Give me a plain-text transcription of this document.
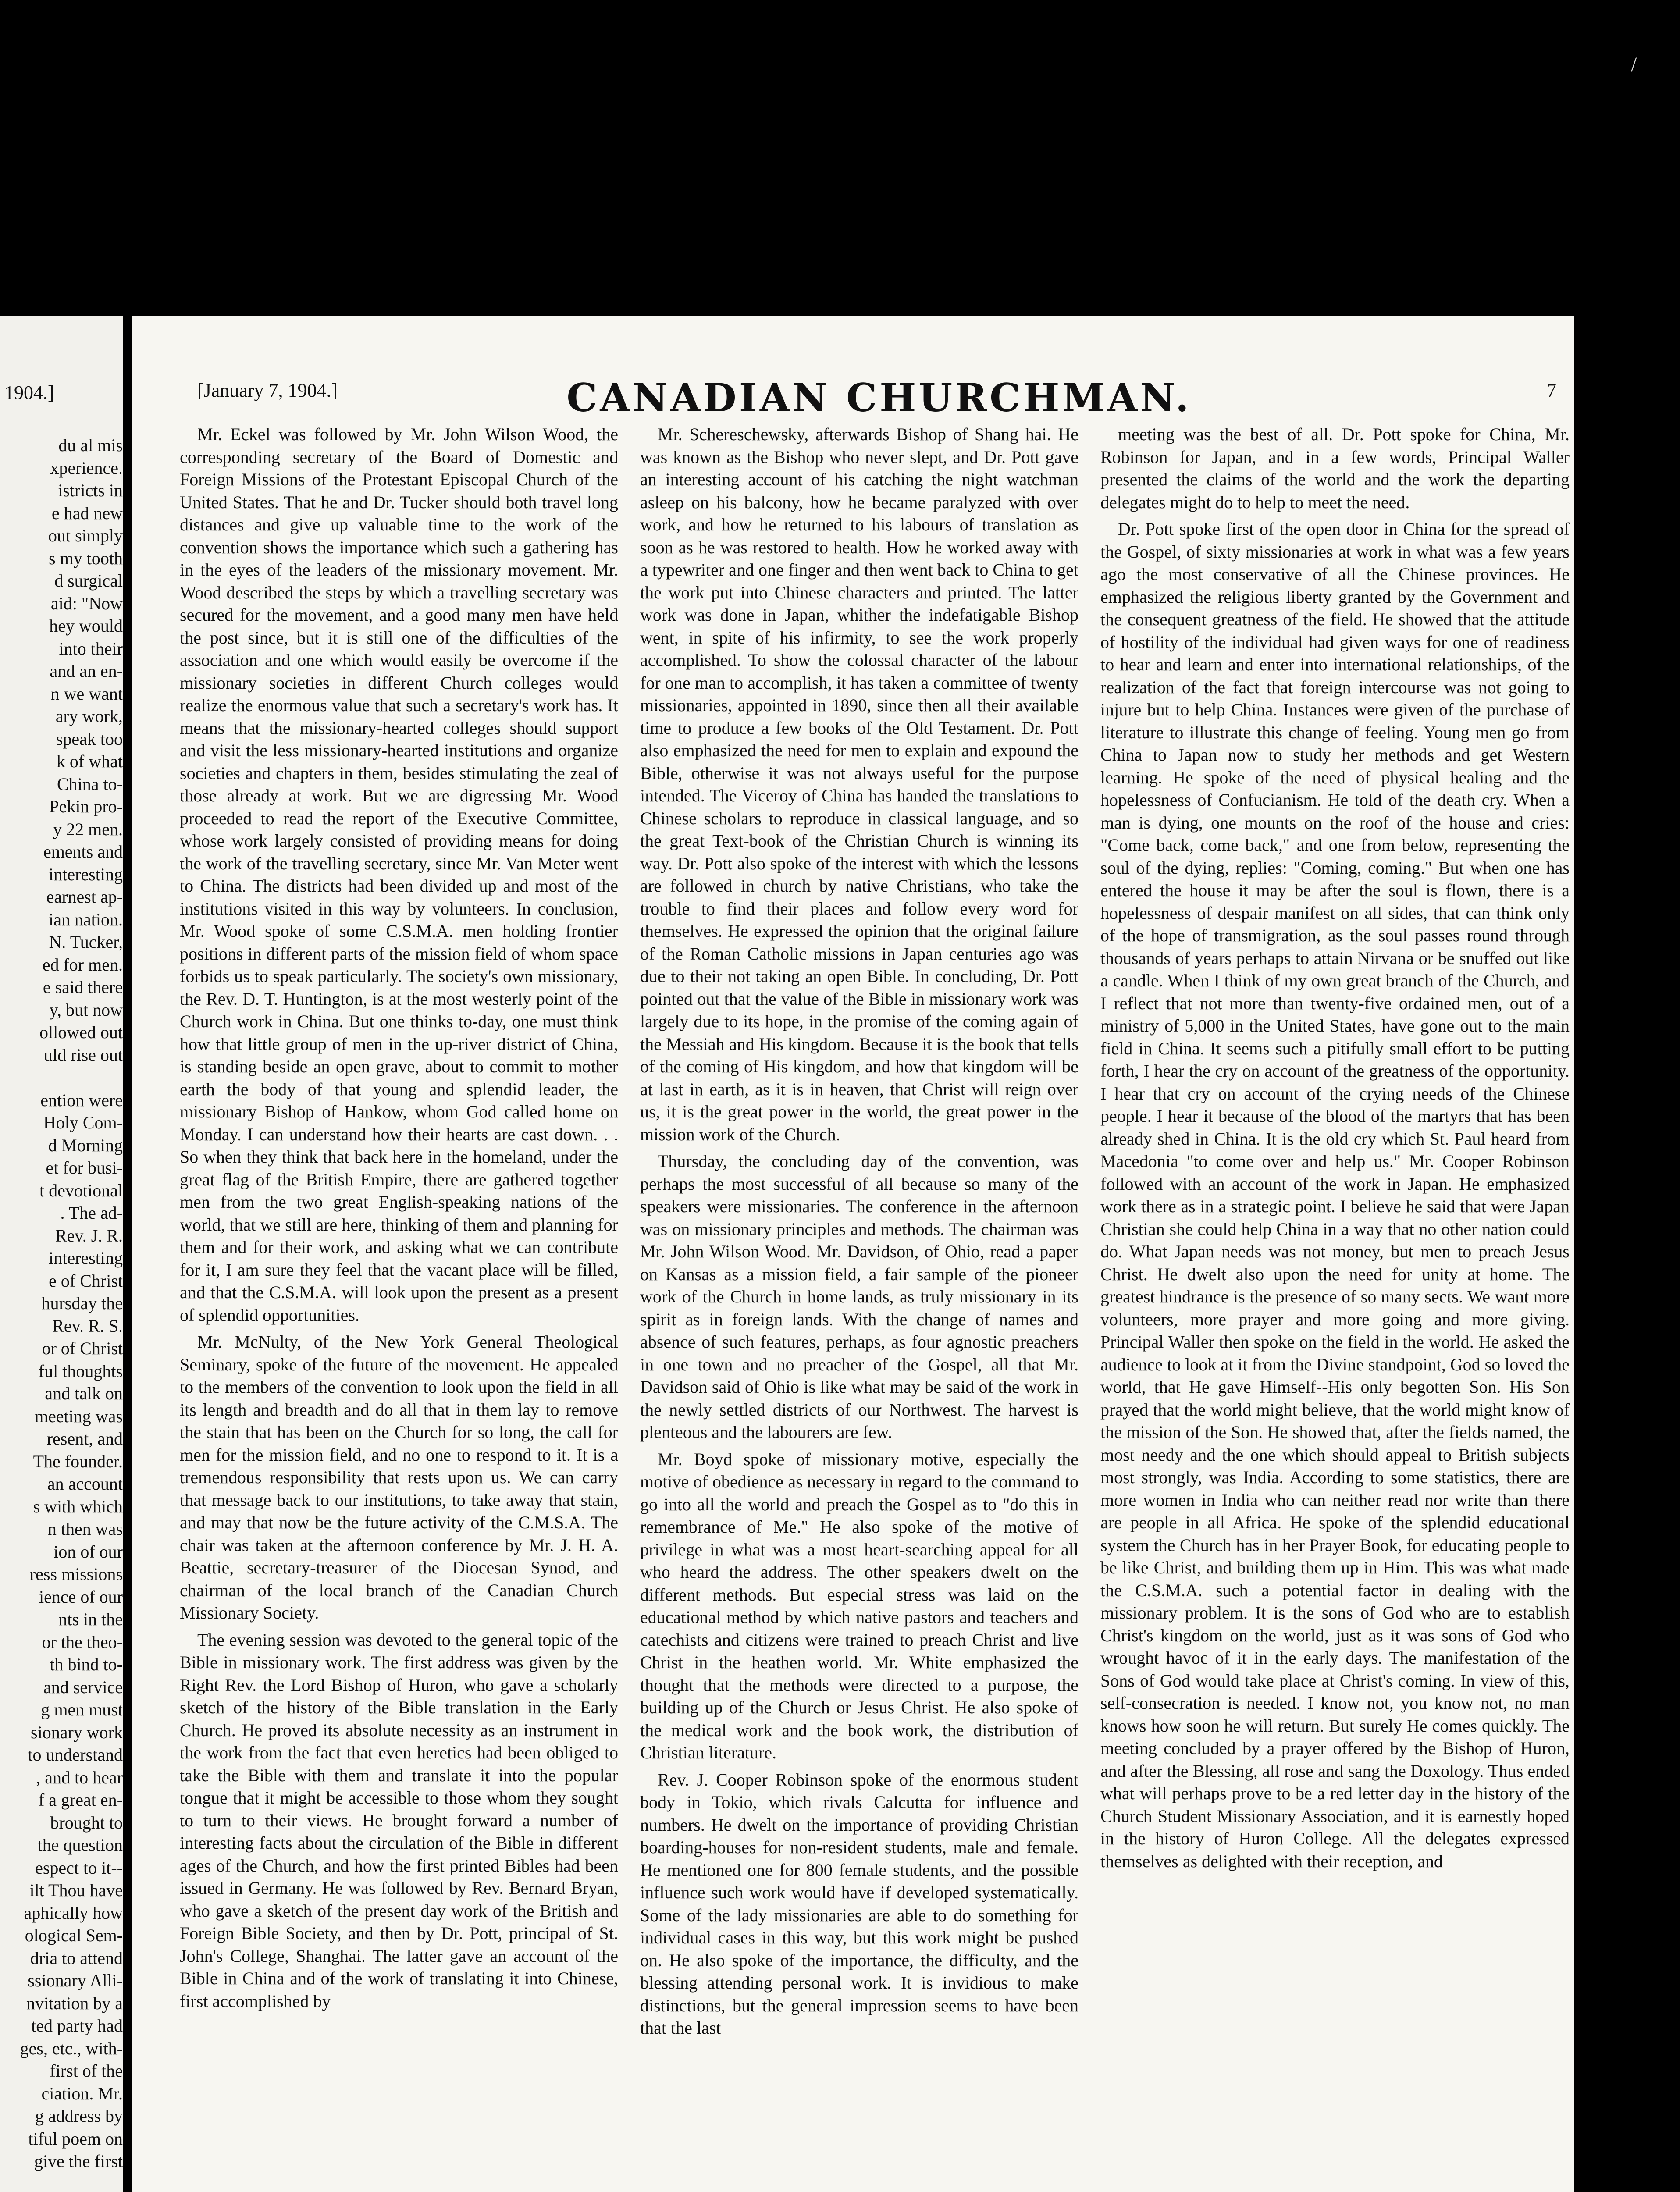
1904.]
du al mis
xperience.
istricts in
e had new
out simply
s my tooth
d surgical
aid: "Now
hey would
into their
and an en-
n we want
ary work,
speak too
k of what
China to-
Pekin pro-
y 22 men.
ements and
interesting
earnest ap-
ian nation.
N. Tucker,
ed for men.
e said there
y, but now
ollowed out
uld rise out
ention were
Holy Com-
d Morning
et for busi-
t devotional
. The ad-
Rev. J. R.
interesting
e of Christ
hursday the
Rev. R. S.
or of Christ
ful thoughts
and talk on
meeting was
resent, and
The founder.
an account
s with which
n then was
ion of our
ress missions
ience of our
nts in the
or the theo-
th bind to-
and service
g men must
sionary work
to understand
, and to hear
f a great en-
brought to
the question
espect to it--
ilt Thou have
aphically how
ological Sem-
dria to attend
ssionary Alli-
nvitation by a
ted party had
ges, etc., with-
first of the
ciation. Mr.
g address by
tiful poem on
give the first
[January 7, 1904.]	CANADIAN CHURCHMAN.	7

Mr. Eckel was followed by Mr. John Wilson Wood, the corresponding secretary of the Board of Domestic and Foreign Missions of the Protestant Episcopal Church of the United States. That he and Dr. Tucker should both travel long distances and give up valuable time to the work of the convention shows the importance which such a gathering has in the eyes of the leaders of the missionary movement. Mr. Wood described the steps by which a travelling secretary was secured for the movement, and a good many men have held the post since, but it is still one of the difficulties of the association and one which would easily be overcome if the missionary societies in different Church colleges would realize the enormous value that such a secretary's work has. It means that the missionary-hearted colleges should support and visit the less missionary-hearted institutions and organize societies and chapters in them, besides stimulating the zeal of those already at work. But we are digressing Mr. Wood proceeded to read the report of the Executive Committee, whose work largely consisted of providing means for doing the work of the travelling secretary, since Mr. Van Meter went to China. The districts had been divided up and most of the institutions visited in this way by volunteers. In conclusion, Mr. Wood spoke of some C.S.M.A. men holding frontier positions in different parts of the mission field of whom space forbids us to speak particularly. The society's own missionary, the Rev. D. T. Huntington, is at the most westerly point of the Church work in China. But one thinks to-day, one must think how that little group of men in the up-river district of China, is standing beside an open grave, about to commit to mother earth the body of that young and splendid leader, the missionary Bishop of Hankow, whom God called home on Monday. I can understand how their hearts are cast down. . . So when they think that back here in the homeland, under the great flag of the British Empire, there are gathered together men from the two great English-speaking nations of the world, that we still are here, thinking of them and planning for them and for their work, and asking what we can contribute for it, I am sure they feel that the vacant place will be filled, and that the C.S.M.A. will look upon the present as a present of splendid opportunities.

Mr. McNulty, of the New York General Theological Seminary, spoke of the future of the movement. He appealed to the members of the convention to look upon the field in all its length and breadth and do all that in them lay to remove the stain that has been on the Church for so long, the call for men for the mission field, and no one to respond to it. It is a tremendous responsibility that rests upon us. We can carry that message back to our institutions, to take away that stain, and may that now be the future activity of the C.M.S.A. The chair was taken at the afternoon conference by Mr. J. H. A. Beattie, secretary-treasurer of the Diocesan Synod, and chairman of the local branch of the Canadian Church Missionary Society.

The evening session was devoted to the general topic of the Bible in missionary work. The first address was given by the Right Rev. the Lord Bishop of Huron, who gave a scholarly sketch of the history of the Bible translation in the Early Church. He proved its absolute necessity as an instrument in the work from the fact that even heretics had been obliged to take the Bible with them and translate it into the popular tongue that it might be accessible to those whom they sought to turn to their views. He brought forward a number of interesting facts about the circulation of the Bible in different ages of the Church, and how the first printed Bibles had been issued in Germany. He was followed by Rev. Bernard Bryan, who gave a sketch of the present day work of the British and Foreign Bible Society, and then by Dr. Pott, principal of St. John's College, Shanghai. The latter gave an account of the Bible in China and of the work of translating it into Chinese, first accomplished by

Mr. Schereschewsky, afterwards Bishop of Shang hai. He was known as the Bishop who never slept, and Dr. Pott gave an interesting account of his catching the night watchman asleep on his balcony, how he became paralyzed with over work, and how he returned to his labours of translation as soon as he was restored to health. How he worked away with a typewriter and one finger and then went back to China to get the work put into Chinese characters and printed. The latter work was done in Japan, whither the indefatigable Bishop went, in spite of his infirmity, to see the work properly accomplished. To show the colossal character of the labour for one man to accomplish, it has taken a committee of twenty missionaries, appointed in 1890, since then all their available time to produce a few books of the Old Testament. Dr. Pott also emphasized the need for men to explain and expound the Bible, otherwise it was not always useful for the purpose intended. The Viceroy of China has handed the translations to Chinese scholars to reproduce in classical language, and so the great Text-book of the Christian Church is winning its way. Dr. Pott also spoke of the interest with which the lessons are followed in church by native Christians, who take the trouble to find their places and follow every word for themselves. He expressed the opinion that the original failure of the Roman Catholic missions in Japan centuries ago was due to their not taking an open Bible. In concluding, Dr. Pott pointed out that the value of the Bible in missionary work was largely due to its hope, in the promise of the coming again of the Messiah and His kingdom. Because it is the book that tells of the coming of His kingdom, and how that kingdom will be at last in earth, as it is in heaven, that Christ will reign over us, it is the great power in the world, the great power in the mission work of the Church.

Thursday, the concluding day of the convention, was perhaps the most successful of all because so many of the speakers were missionaries. The conference in the afternoon was on missionary principles and methods. The chairman was Mr. John Wilson Wood. Mr. Davidson, of Ohio, read a paper on Kansas as a mission field, a fair sample of the pioneer work of the Church in home lands, as truly missionary in its spirit as in foreign lands. With the change of names and absence of such features, perhaps, as four agnostic preachers in one town and no preacher of the Gospel, all that Mr. Davidson said of Ohio is like what may be said of the work in the newly settled districts of our Northwest. The harvest is plenteous and the labourers are few.

Mr. Boyd spoke of missionary motive, especially the motive of obedience as necessary in regard to the command to go into all the world and preach the Gospel as to "do this in remembrance of Me." He also spoke of the motive of privilege in what was a most heart-searching appeal for all who heard the address. The other speakers dwelt on the different methods. But especial stress was laid on the educational method by which native pastors and teachers and catechists and citizens were trained to preach Christ and live Christ in the heathen world. Mr. White emphasized the thought that the methods were directed to a purpose, the building up of the Church or Jesus Christ. He also spoke of the medical work and the book work, the distribution of Christian literature.

Rev. J. Cooper Robinson spoke of the enormous student body in Tokio, which rivals Calcutta for influence and numbers. He dwelt on the importance of providing Christian boarding-houses for non-resident students, male and female. He mentioned one for 800 female students, and the possible influence such work would have if developed systematically. Some of the lady missionaries are able to do something for individual cases in this way, but this work might be pushed on. He also spoke of the importance, the difficulty, and the blessing attending personal work. It is invidious to make distinctions, but the general impression seems to have been that the last

meeting was the best of all. Dr. Pott spoke for China, Mr. Robinson for Japan, and in a few words, Principal Waller presented the claims of the world and the work the departing delegates might do to help to meet the need.

Dr. Pott spoke first of the open door in China for the spread of the Gospel, of sixty missionaries at work in what was a few years ago the most conservative of all the Chinese provinces. He emphasized the religious liberty granted by the Government and the consequent greatness of the field. He showed that the attitude of hostility of the individual had given ways for one of readiness to hear and learn and enter into international relationships, of the realization of the fact that foreign intercourse was not going to injure but to help China. Instances were given of the purchase of literature to illustrate this change of feeling. Young men go from China to Japan now to study her methods and get Western learning. He spoke of the need of physical healing and the hopelessness of Confucianism. He told of the death cry. When a man is dying, one mounts on the roof of the house and cries: "Come back, come back," and one from below, representing the soul of the dying, replies: "Coming, coming." But when one has entered the house it may be after the soul is flown, there is a hopelessness of despair manifest on all sides, that can think only of the hope of transmigration, as the soul passes round through thousands of years perhaps to attain Nirvana or be snuffed out like a candle. When I think of my own great branch of the Church, and I reflect that not more than twenty-five ordained men, out of a ministry of 5,000 in the United States, have gone out to the main field in China. It seems such a pitifully small effort to be putting forth, I hear the cry on account of the greatness of the opportunity. I hear that cry on account of the crying needs of the Chinese people. I hear it because of the blood of the martyrs that has been already shed in China. It is the old cry which St. Paul heard from Macedonia "to come over and help us." Mr. Cooper Robinson followed with an account of the work in Japan. He emphasized work there as in a strategic point. I believe he said that were Japan Christian she could help China in a way that no other nation could do. What Japan needs was not money, but men to preach Jesus Christ. He dwelt also upon the need for unity at home. The greatest hindrance is the presence of so many sects. We want more volunteers, more prayer and more going and more giving. Principal Waller then spoke on the field in the world. He asked the audience to look at it from the Divine standpoint, God so loved the world, that He gave Himself--His only begotten Son. His Son prayed that the world might believe, that the world might know of the mission of the Son. He showed that, after the fields named, the most needy and the one which should appeal to British subjects most strongly, was India. According to some statistics, there are more women in India who can neither read nor write than there are people in all Africa. He spoke of the splendid educational system the Church has in her Prayer Book, for educating people to be like Christ, and building them up in Him. This was what made the C.S.M.A. such a potential factor in dealing with the missionary problem. It is the sons of God who are to establish Christ's kingdom on the world, just as it was sons of God who wrought havoc of it in the early days. The manifestation of the Sons of God would take place at Christ's coming. In view of this, self-consecration is needed. I know not, you know not, no man knows how soon he will return. But surely He comes quickly. The meeting concluded by a prayer offered by the Bishop of Huron, and after the Blessing, all rose and sang the Doxology. Thus ended what will perhaps prove to be a red letter day in the history of the Church Student Missionary Association, and it is earnestly hoped in the history of Huron College. All the delegates expressed themselves as delighted with their reception, and

/
